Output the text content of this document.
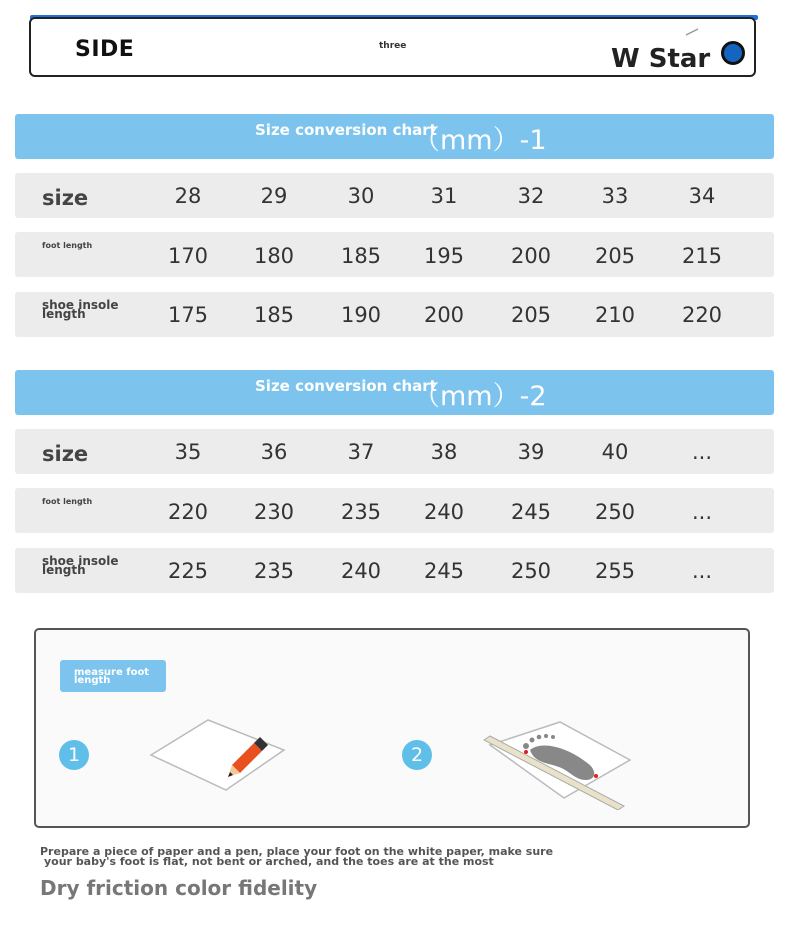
SIDE	three	W Star
Size conversion chart
（mm）-1
size	28	29	30	31	32	33	34
foot length	170	180	185	195	200	205	215
shoe insole length	175	185	190	200	205	210	220
Size conversion chart
（mm）-2
size	35	36	37	38	39	40	...
foot length	220	230	235	240	245	250	...
shoe insole length	225	235	240	245	250	255	...
measure foot length
1	2
Prepare a piece of paper and a pen, place your foot on the white paper, make sure
your baby's foot is flat, not bent or arched, and the toes are at the most
Dry friction color fidelity
